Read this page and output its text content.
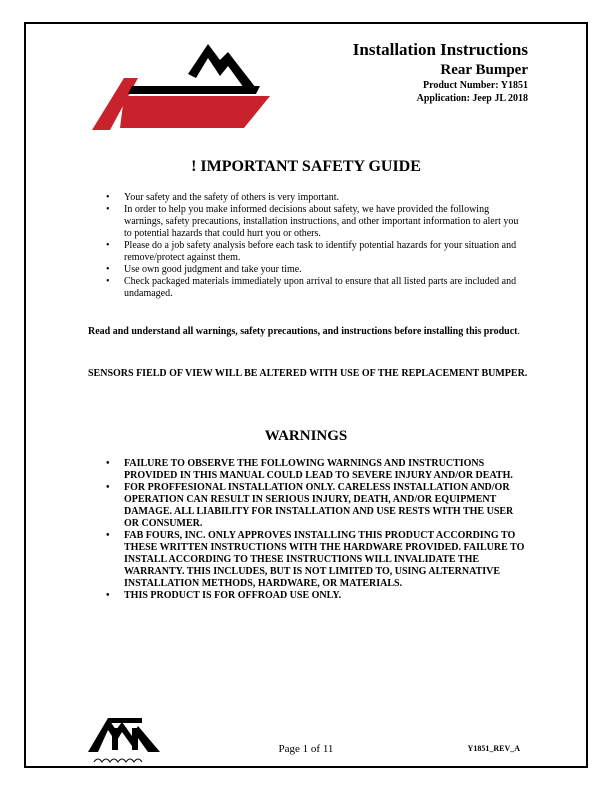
Installation Instructions
Rear Bumper
Product Number: Y1851
Application: Jeep JL 2018
! IMPORTANT SAFETY GUIDE
• Your safety and the safety of others is very important.
• In order to help you make informed decisions about safety, we have provided the following warnings, safety precautions, installation instructions, and other important information to alert you to potential hazards that could hurt you or others.
• Please do a job safety analysis before each task to identify potential hazards for your situation and remove/protect against them.
• Use own good judgment and take your time.
• Check packaged materials immediately upon arrival to ensure that all listed parts are included and undamaged.
Read and understand all warnings, safety precautions, and instructions before installing this product.
SENSORS FIELD OF VIEW WILL BE ALTERED WITH USE OF THE REPLACEMENT BUMPER.
WARNINGS
• FAILURE TO OBSERVE THE FOLLOWING WARNINGS AND INSTRUCTIONS PROVIDED IN THIS MANUAL COULD LEAD TO SEVERE INJURY AND/OR DEATH.
• FOR PROFFESIONAL INSTALLATION ONLY. CARELESS INSTALLATION AND/OR OPERATION CAN RESULT IN SERIOUS INJURY, DEATH, AND/OR EQUIPMENT DAMAGE. ALL LIABILITY FOR INSTALLATION AND USE RESTS WITH THE USER OR CONSUMER.
• FAB FOURS, INC. ONLY APPROVES INSTALLING THIS PRODUCT ACCORDING TO THESE WRITTEN INSTRUCTIONS WITH THE HARDWARE PROVIDED. FAILURE TO INSTALL ACCORDING TO THESE INSTRUCTIONS WILL INVALIDATE THE WARRANTY. THIS INCLUDES, BUT IS NOT LIMITED TO, USING ALTERNATIVE INSTALLATION METHODS, HARDWARE, OR MATERIALS.
• THIS PRODUCT IS FOR OFFROAD USE ONLY.
Page 1 of 11	Y1851_REV_A
